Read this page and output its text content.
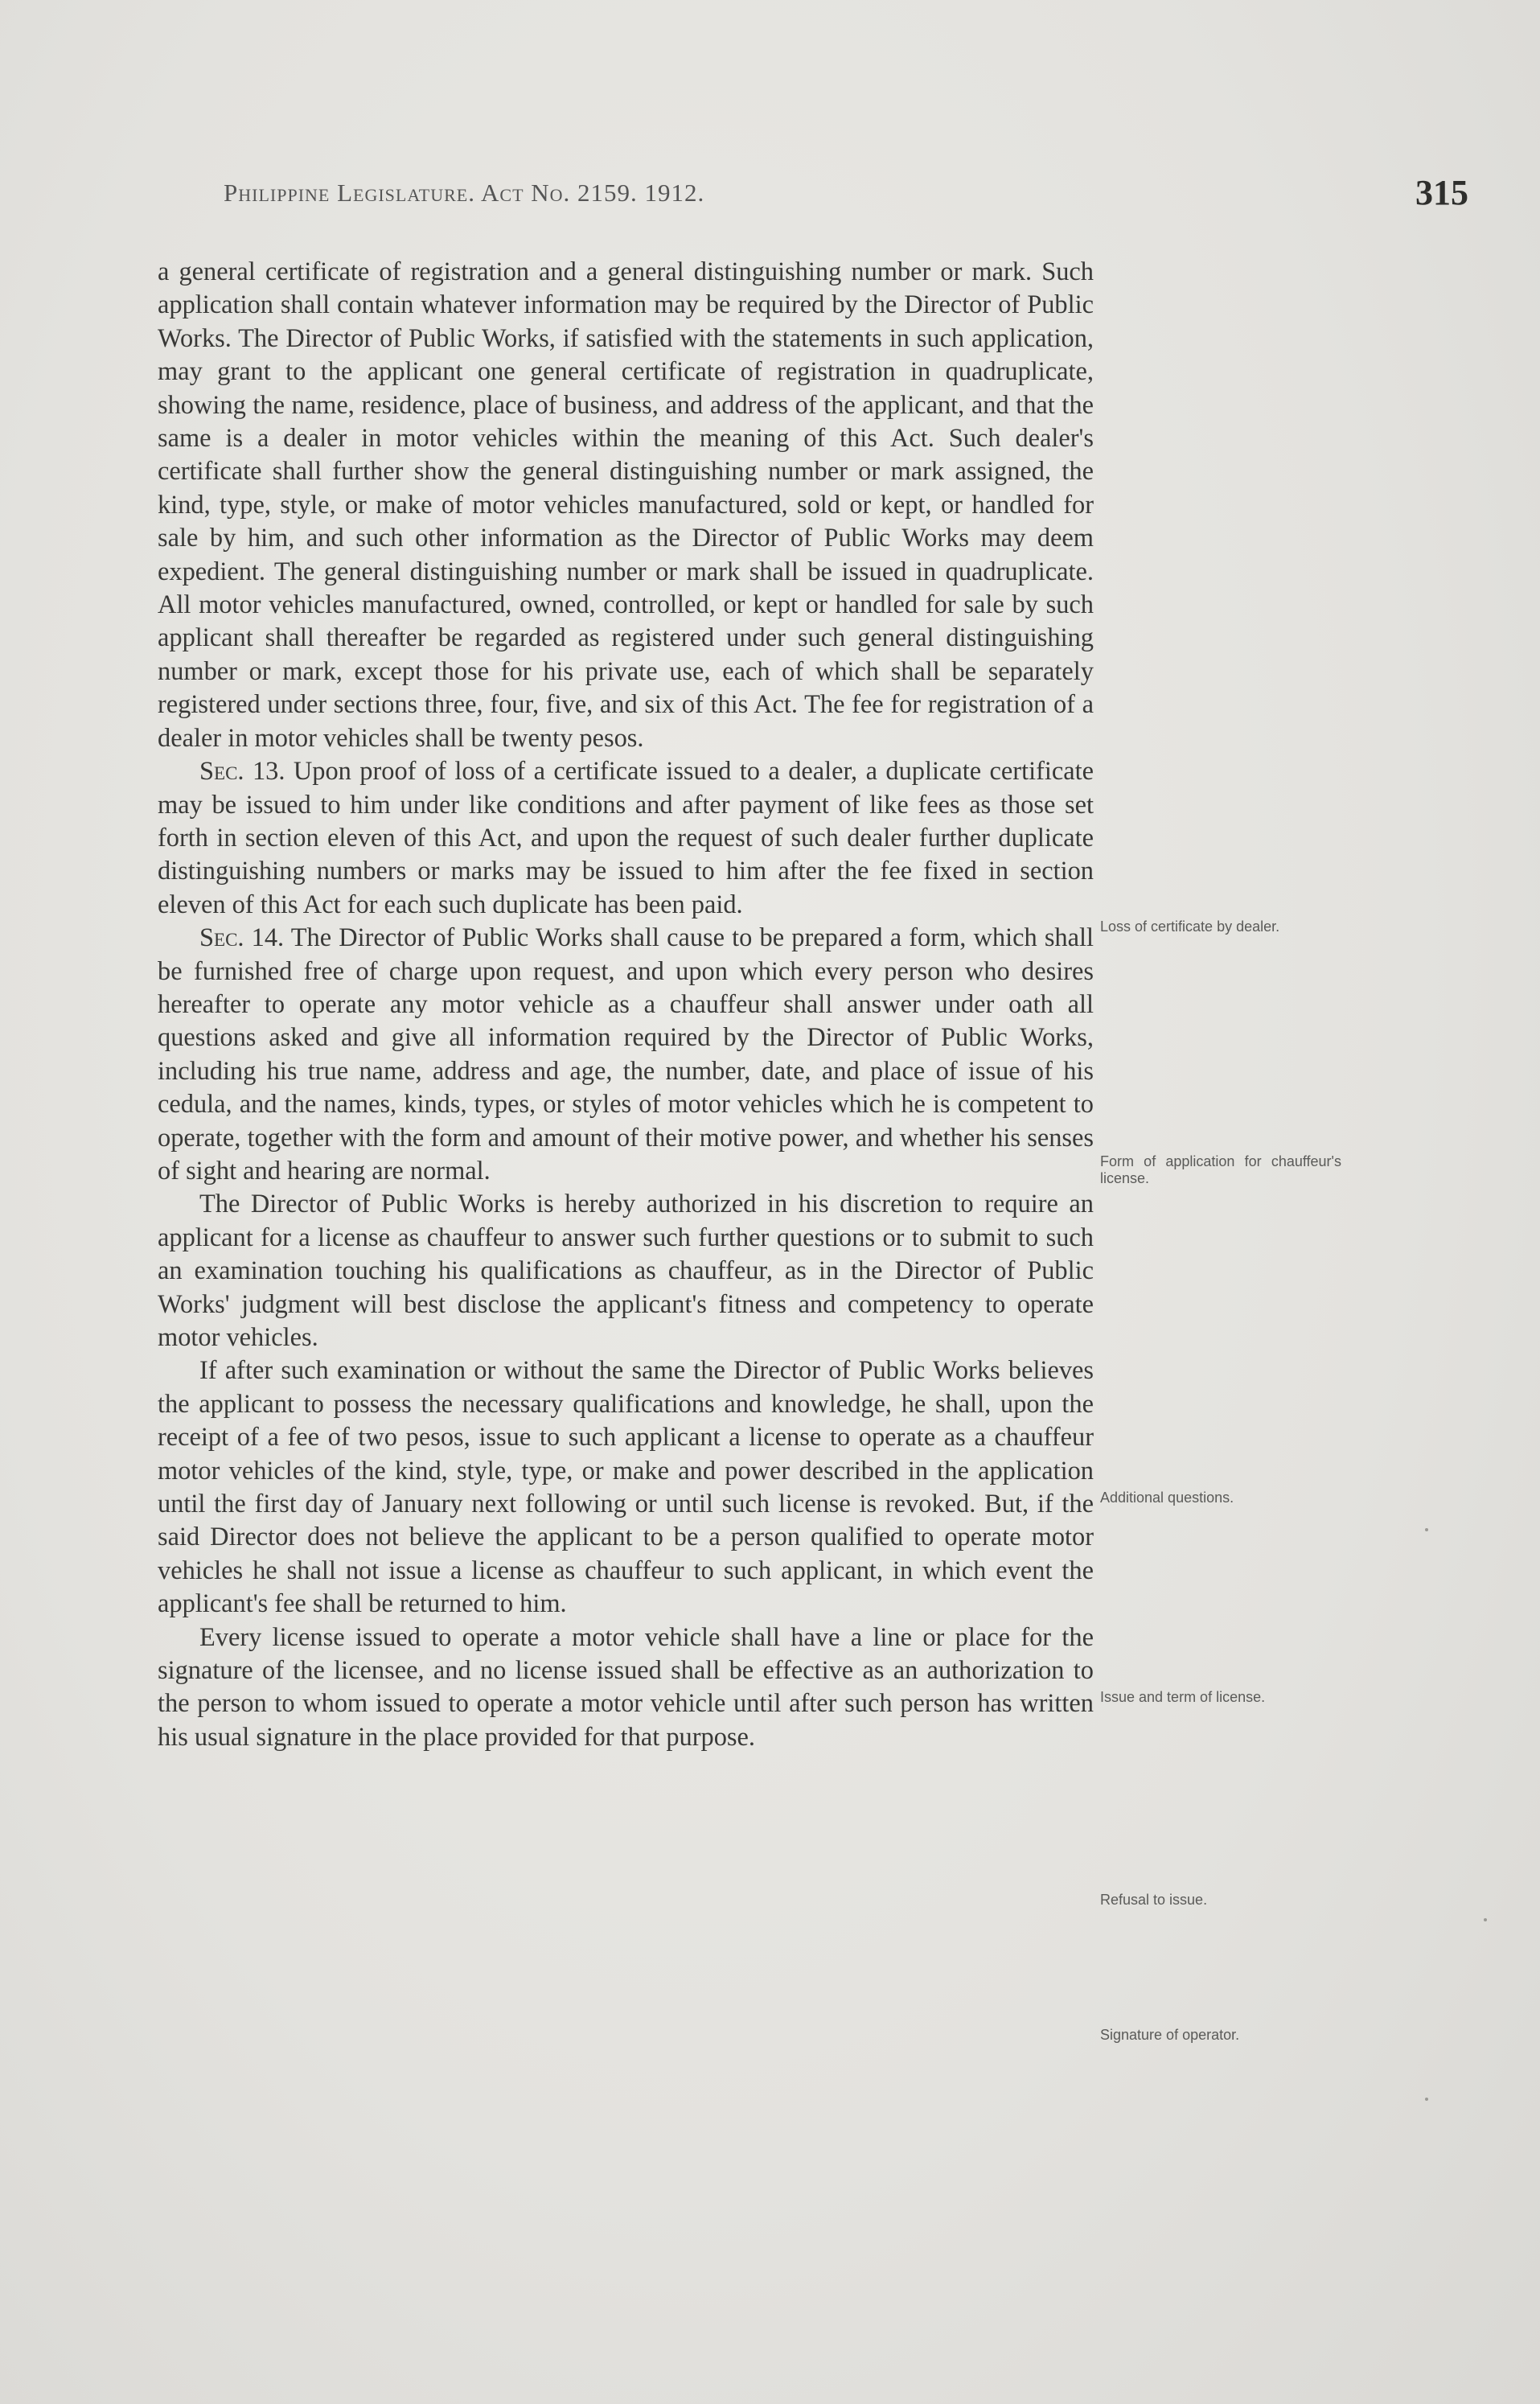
Philippine Legislature. Act No. 2159. 1912.	315

a general certificate of registration and a general distinguishing number or mark. Such application shall contain whatever information may be required by the Director of Public Works. The Director of Public Works, if satisfied with the statements in such application, may grant to the applicant one general certificate of registration in quadruplicate, showing the name, residence, place of business, and address of the applicant, and that the same is a dealer in motor vehicles within the meaning of this Act. Such dealer's certificate shall further show the general distinguishing number or mark assigned, the kind, type, style, or make of motor vehicles manufactured, sold or kept, or handled for sale by him, and such other information as the Director of Public Works may deem expedient. The general distinguishing number or mark shall be issued in quadruplicate. All motor vehicles manufactured, owned, controlled, or kept or handled for sale by such applicant shall thereafter be regarded as registered under such general distinguishing number or mark, except those for his private use, each of which shall be separately registered under sections three, four, five, and six of this Act. The fee for registration of a dealer in motor vehicles shall be twenty pesos.

Sec. 13. Upon proof of loss of a certificate issued to a dealer, a duplicate certificate may be issued to him under like conditions and after payment of like fees as those set forth in section eleven of this Act, and upon the request of such dealer further duplicate distinguishing numbers or marks may be issued to him after the fee fixed in section eleven of this Act for each such duplicate has been paid.

Sec. 14. The Director of Public Works shall cause to be prepared a form, which shall be furnished free of charge upon request, and upon which every person who desires hereafter to operate any motor vehicle as a chauffeur shall answer under oath all questions asked and give all information required by the Director of Public Works, including his true name, address and age, the number, date, and place of issue of his cedula, and the names, kinds, types, or styles of motor vehicles which he is competent to operate, together with the form and amount of their motive power, and whether his senses of sight and hearing are normal.

The Director of Public Works is hereby authorized in his discretion to require an applicant for a license as chauffeur to answer such further questions or to submit to such an examination touching his qualifications as chauffeur, as in the Director of Public Works' judgment will best disclose the applicant's fitness and competency to operate motor vehicles.

If after such examination or without the same the Director of Public Works believes the applicant to possess the necessary qualifications and knowledge, he shall, upon the receipt of a fee of two pesos, issue to such applicant a license to operate as a chauffeur motor vehicles of the kind, style, type, or make and power described in the application until the first day of January next following or until such license is revoked. But, if the said Director does not believe the applicant to be a person qualified to operate motor vehicles he shall not issue a license as chauffeur to such applicant, in which event the applicant's fee shall be returned to him.

Every license issued to operate a motor vehicle shall have a line or place for the signature of the licensee, and no license issued shall be effective as an authorization to the person to whom issued to operate a motor vehicle until after such person has written his usual signature in the place provided for that purpose.

Loss of certificate by dealer.
Form of application for chauffeur's license.
Additional questions.
Issue and term of license.
Refusal to issue.
Signature of operator.
